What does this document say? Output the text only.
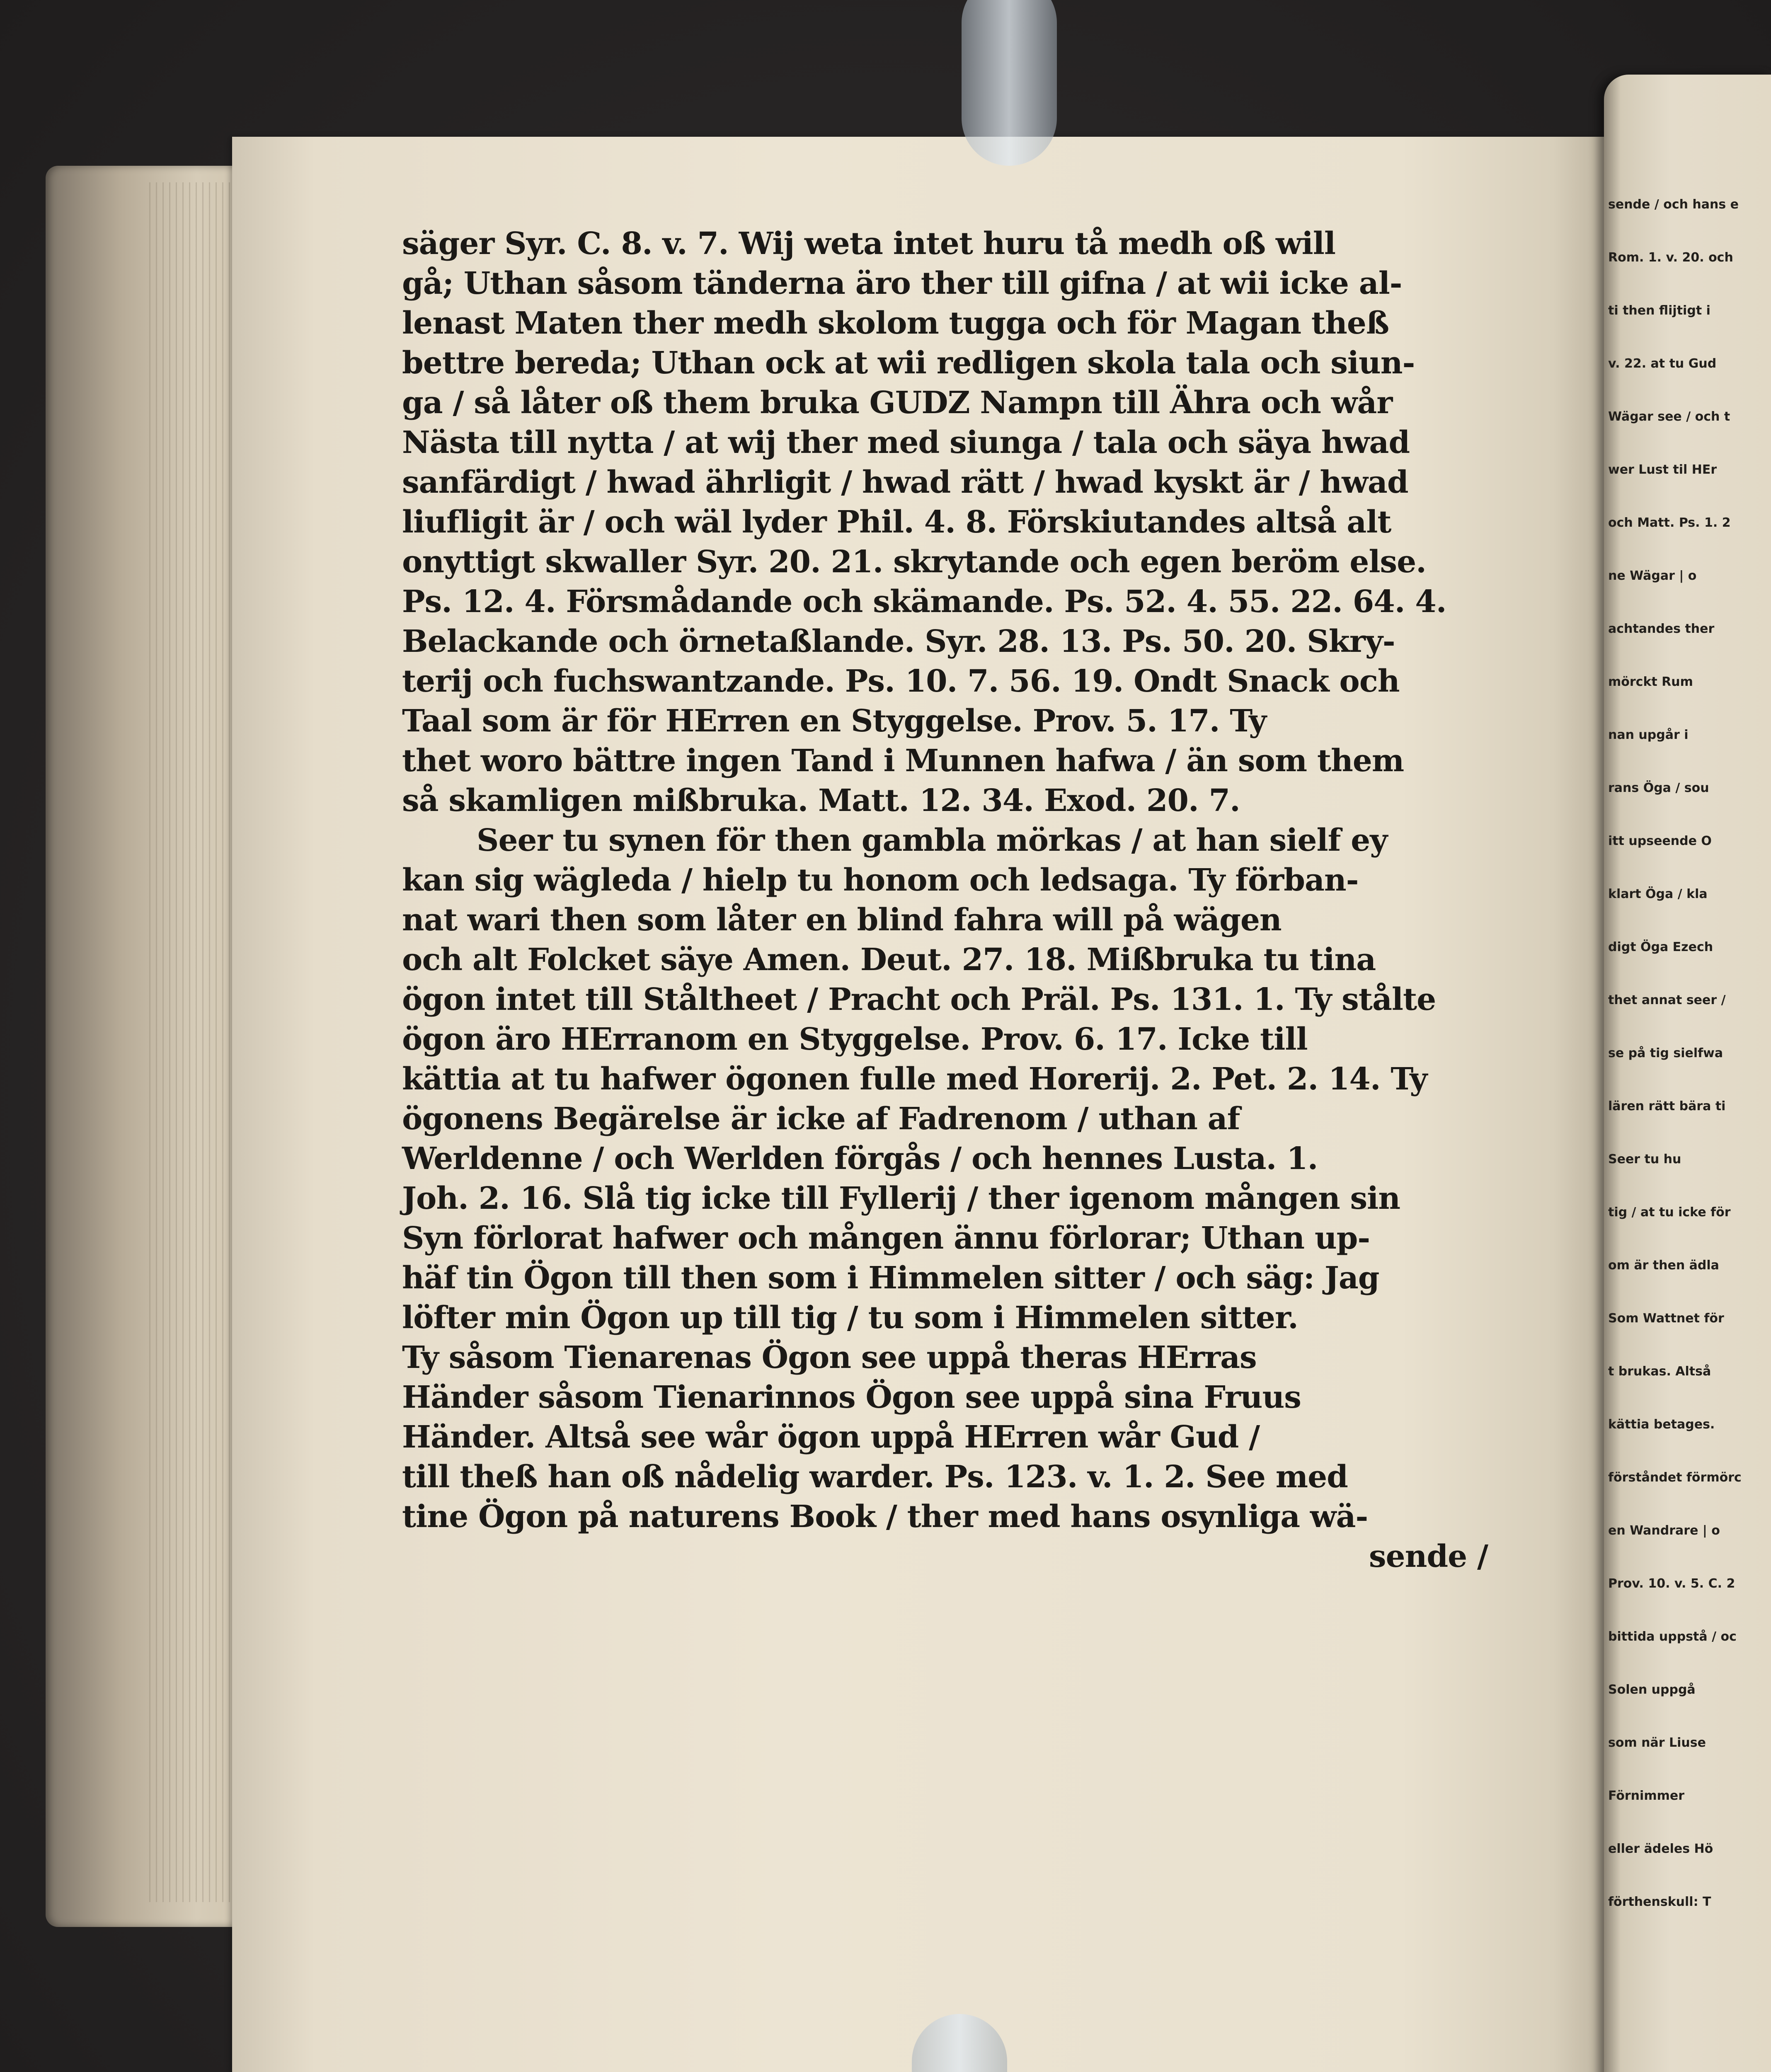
säger Syr. C. 8. v. 7. Wij weta intet huru tå medh oß will
gå; Uthan såsom tänderna äro ther till gifna / at wii icke al-
lenast Maten ther medh skolom tugga och för Magan theß
bettre bereda; Uthan ock at wii redligen skola tala och siun-
ga / så låter oß them bruka GUDZ Nampn till Ähra och wår
Nästa till nytta / at wij ther med siunga / tala och säya hwad
sanfärdigt / hwad ährligit / hwad rätt / hwad kyskt är / hwad
liufligit är / och wäl lyder Phil. 4. 8. Förskiutandes altså alt
onyttigt skwaller Syr. 20. 21. skrytande och egen beröm else.
Ps. 12. 4. Försmådande och skämande. Ps. 52. 4. 55. 22. 64. 4.
Belackande och örnetaßlande. Syr. 28. 13. Ps. 50. 20. Skry-
terij och fuchswantzande. Ps. 10. 7. 56. 19. Ondt Snack och
Taal som är för HErren en Styggelse. Prov. 5. 17. Ty
thet woro bättre ingen Tand i Munnen hafwa / än som them
så skamligen mißbruka. Matt. 12. 34. Exod. 20. 7.
Seer tu synen för then gambla mörkas / at han sielf ey
kan sig wägleda / hielp tu honom och ledsaga. Ty förban-
nat wari then som låter en blind fahra will på wägen
och alt Folcket säye Amen. Deut. 27. 18. Mißbruka tu tina
ögon intet till Ståltheet / Pracht och Präl. Ps. 131. 1. Ty stålte
ögon äro HErranom en Styggelse. Prov. 6. 17. Icke till
kättia at tu hafwer ögonen fulle med Horerij. 2. Pet. 2. 14. Ty
ögonens Begärelse är icke af Fadrenom / uthan af
Werldenne / och Werlden förgås / och hennes Lusta. 1.
Joh. 2. 16. Slå tig icke till Fyllerij / ther igenom mången sin
Syn förlorat hafwer och mången ännu förlorar; Uthan up-
häf tin Ögon till then som i Himmelen sitter / och säg: Jag
löfter min Ögon up till tig / tu som i Himmelen sitter.
Ty såsom Tienarenas Ögon see uppå theras HErras
Händer såsom Tienarinnos Ögon see uppå sina Fruus
Händer. Altså see wår ögon uppå HErren wår Gud /
till theß han oß nådelig warder. Ps. 123. v. 1. 2. See med
tine Ögon på naturens Book / ther med hans osynliga wä-
sende /
sende / och hans e
Rom. 1. v. 20. och
ti then flijtigt i
v. 22. at tu Gud
Wägar see / och t
wer Lust til HEr
och Matt. Ps. 1. 2
ne Wägar | o
achtandes ther
mörckt Rum
nan upgår i
rans Öga / sou
itt upseende O
klart Öga / kla
digt Öga Ezech
thet annat seer /
se på tig sielfwa
lären rätt bära ti
Seer tu hu
tig / at tu icke för
om är then ädla
Som Wattnet för
t brukas. Altså
kättia betages.
förståndet förmörc
en Wandrare | o
Prov. 10. v. 5. C. 2
bittida uppstå / oc
Solen uppgå
som när Liuse
Förnimmer
eller ädeles Hö
förthenskull: T
